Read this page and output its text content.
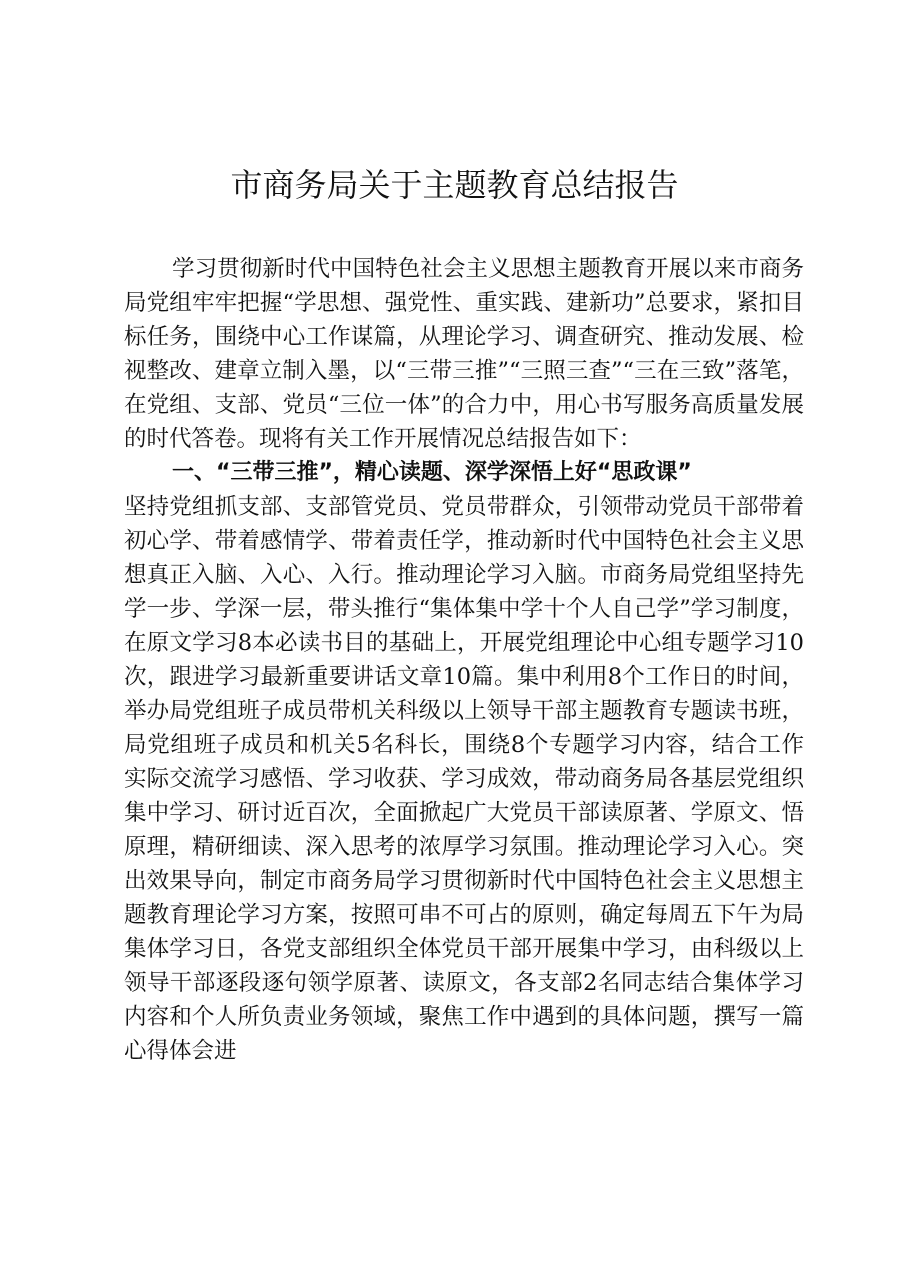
市商务局关于主题教育总结报告

学习贯彻新时代中国特色社会主义思想主题教育开展以来市商务局党组牢牢把握“学思想、强党性、重实践、建新功”总要求，紧扣目标任务，围绕中心工作谋篇，从理论学习、调查研究、推动发展、检视整改、建章立制入墨，以“三带三推”“三照三查”“三在三致”落笔，在党组、支部、党员“三位一体”的合力中，用心书写服务高质量发展的时代答卷。现将有关工作开展情况总结报告如下：

一、“三带三推”，精心读题、深学深悟上好“思政课”

坚持党组抓支部、支部管党员、党员带群众，引领带动党员干部带着初心学、带着感情学、带着责任学，推动新时代中国特色社会主义思想真正入脑、入心、入行。推动理论学习入脑。市商务局党组坚持先学一步、学深一层，带头推行“集体集中学十个人自己学”学习制度，在原文学习8本必读书目的基础上，开展党组理论中心组专题学习10次，跟进学习最新重要讲话文章10篇。集中利用8个工作日的时间，举办局党组班子成员带机关科级以上领导干部主题教育专题读书班，局党组班子成员和机关5名科长，围绕8个专题学习内容，结合工作实际交流学习感悟、学习收获、学习成效，带动商务局各基层党组织集中学习、研讨近百次，全面掀起广大党员干部读原著、学原文、悟原理，精研细读、深入思考的浓厚学习氛围。推动理论学习入心。突出效果导向，制定市商务局学习贯彻新时代中国特色社会主义思想主题教育理论学习方案，按照可串不可占的原则，确定每周五下午为局集体学习日，各党支部组织全体党员干部开展集中学习，由科级以上领导干部逐段逐句领学原著、读原文，各支部2名同志结合集体学习内容和个人所负责业务领域，聚焦工作中遇到的具体问题，撰写一篇心得体会进
